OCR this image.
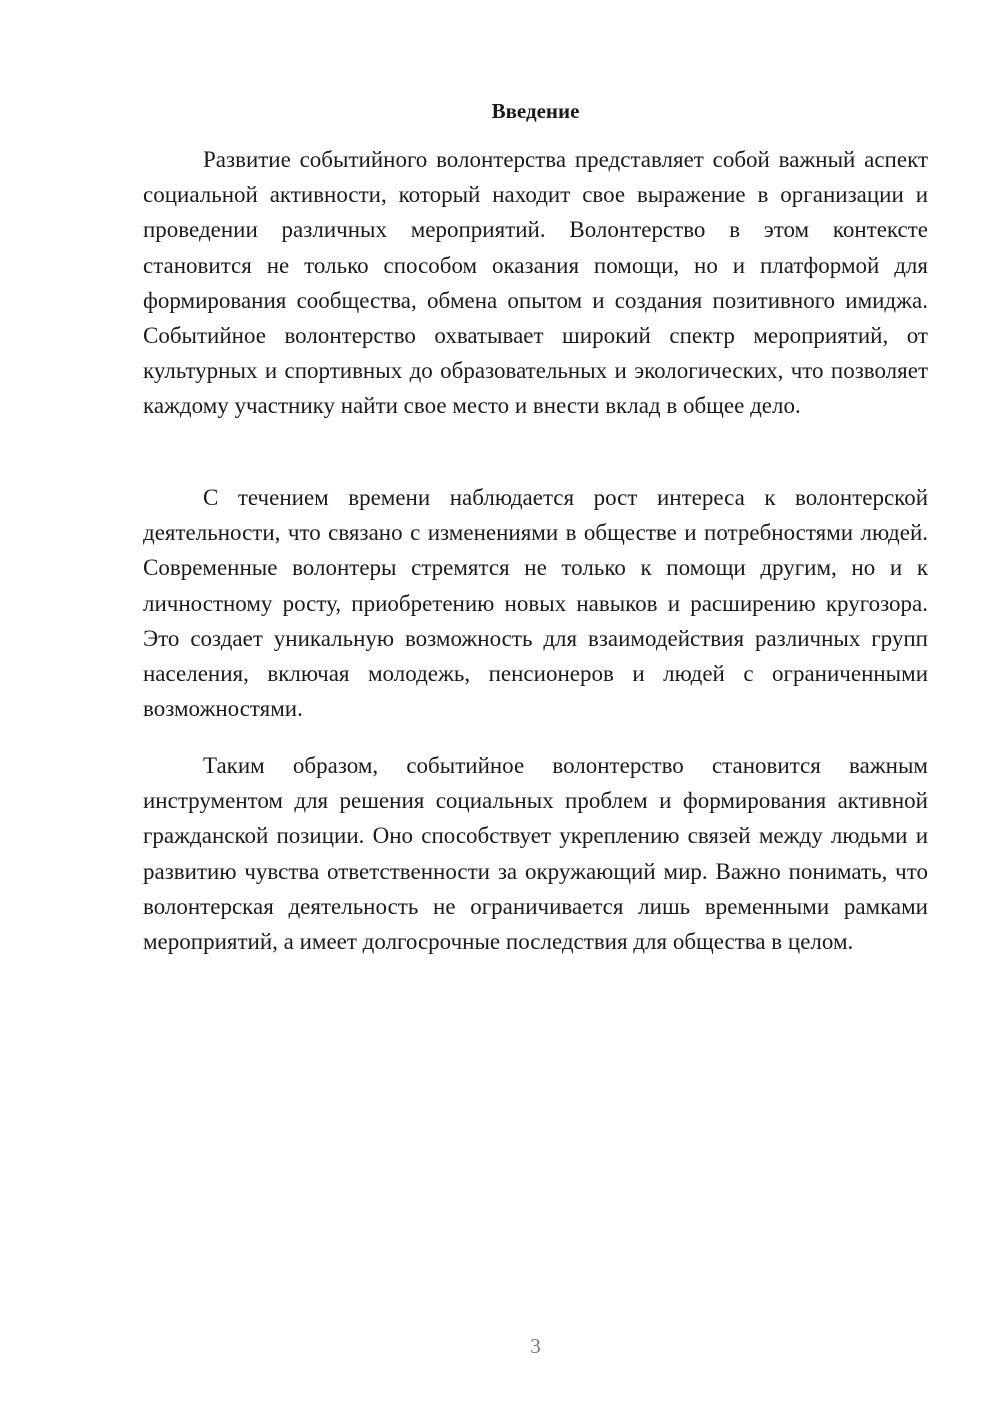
Введение

Развитие событийного волонтерства представляет собой важный аспект социальной активности, который находит свое выражение в организации и проведении различных мероприятий. Волонтерство в этом контексте становится не только способом оказания помощи, но и платформой для формирования сообщества, обмена опытом и создания позитивного имиджа. Событийное волонтерство охватывает широкий спектр мероприятий, от культурных и спортивных до образовательных и экологических, что позволяет каждому участнику найти свое место и внести вклад в общее дело.

С течением времени наблюдается рост интереса к волонтерской деятельности, что связано с изменениями в обществе и потребностями людей. Современные волонтеры стремятся не только к помощи другим, но и к личностному росту, приобретению новых навыков и расширению кругозора. Это создает уникальную возможность для взаимодействия различных групп населения, включая молодежь, пенсионеров и людей с ограниченными возможностями.

Таким образом, событийное волонтерство становится важным инструментом для решения социальных проблем и формирования активной гражданской позиции. Оно способствует укреплению связей между людьми и развитию чувства ответственности за окружающий мир. Важно понимать, что волонтерская деятельность не ограничивается лишь временными рамками мероприятий, а имеет долгосрочные последствия для общества в целом.

3
